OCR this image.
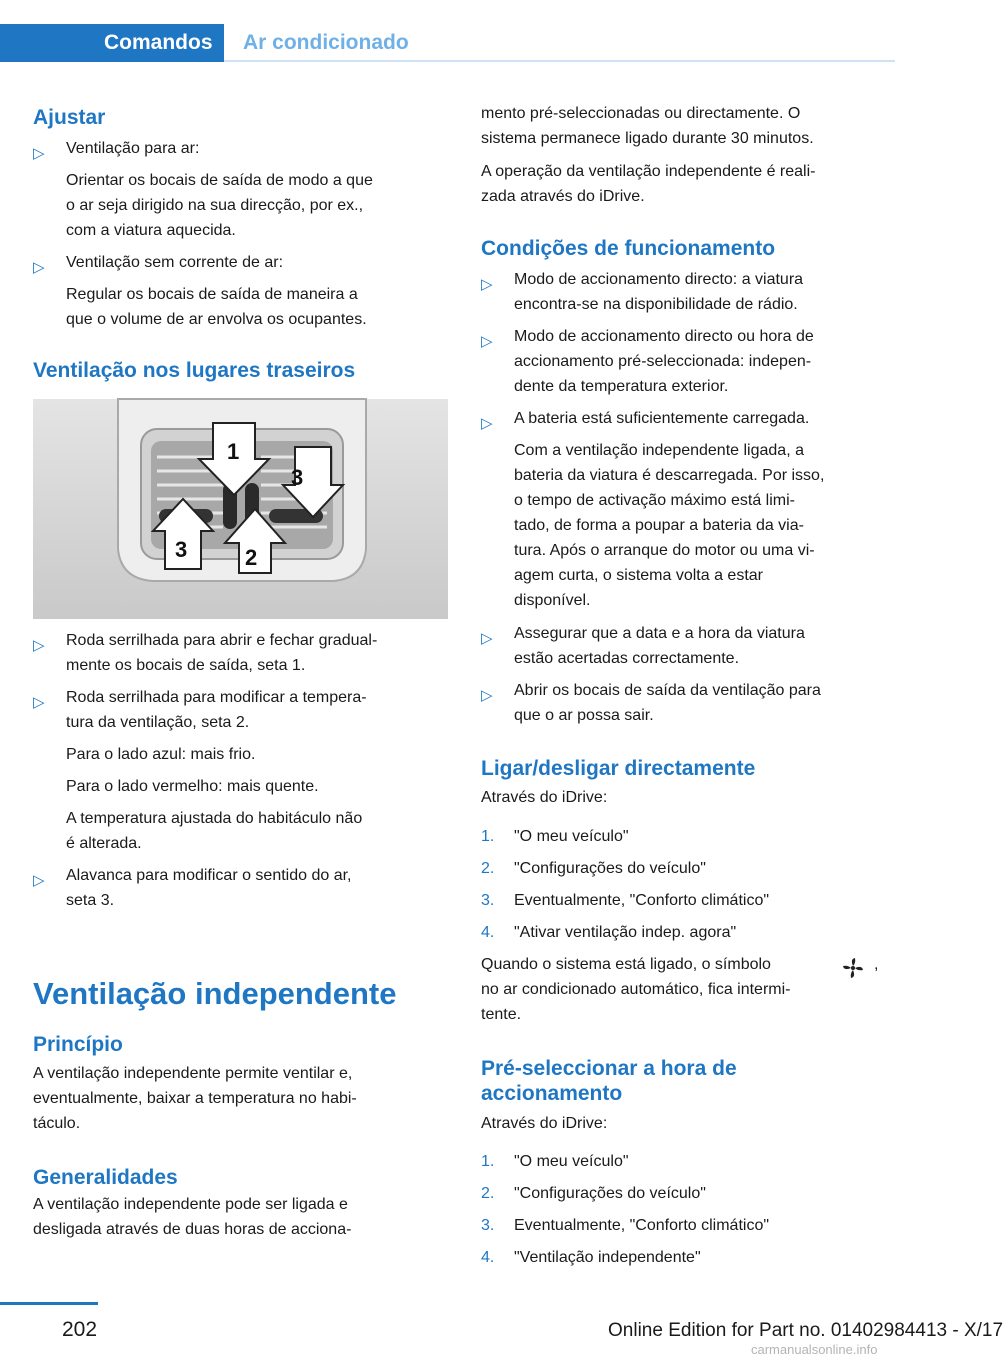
Comandos Ar condicionado
Ajustar
▷ Ventilação para ar:
Orientar os bocais de saída de modo a que
o ar seja dirigido na sua direcção, por ex.,
com a viatura aquecida.
▷ Ventilação sem corrente de ar:
Regular os bocais de saída de maneira a
que o volume de ar envolva os ocupantes.
Ventilação nos lugares traseiros
1
2
3
3
▷ Roda serrilhada para abrir e fechar gradual-
mente os bocais de saída, seta 1.
▷ Roda serrilhada para modificar a tempera-
tura da ventilação, seta 2.
Para o lado azul: mais frio.
Para o lado vermelho: mais quente.
A temperatura ajustada do habitáculo não
é alterada.
▷ Alavanca para modificar o sentido do ar,
seta 3.
Ventilação independente
Princípio
A ventilação independente permite ventilar e,
eventualmente, baixar a temperatura no habi-
táculo.
Generalidades
A ventilação independente pode ser ligada e
desligada através de duas horas de acciona-
mento pré-seleccionadas ou directamente. O
sistema permanece ligado durante 30 minutos.
A operação da ventilação independente é reali-
zada através do iDrive.
Condições de funcionamento
▷ Modo de accionamento directo: a viatura
encontra-se na disponibilidade de rádio.
▷ Modo de accionamento directo ou hora de
accionamento pré-seleccionada: indepen-
dente da temperatura exterior.
▷ A bateria está suficientemente carregada.
Com a ventilação independente ligada, a
bateria da viatura é descarregada. Por isso,
o tempo de activação máximo está limi-
tado, de forma a poupar a bateria da via-
tura. Após o arranque do motor ou uma vi-
agem curta, o sistema volta a estar
disponível.
▷ Assegurar que a data e a hora da viatura
estão acertadas correctamente.
▷ Abrir os bocais de saída da ventilação para
que o ar possa sair.
Ligar/desligar directamente
Através do iDrive:
1. "O meu veículo"
2. "Configurações do veículo"
3. Eventualmente, "Conforto climático"
4. "Ativar ventilação indep. agora"
Quando o sistema está ligado, o símbolo	,
no ar condicionado automático, fica intermi-
tente.
Pré-seleccionar a hora de
accionamento
Através do iDrive:
1. "O meu veículo"
2. "Configurações do veículo"
3. Eventualmente, "Conforto climático"
4. "Ventilação independente"
202	Online Edition for Part no. 01402984413 - X/17
carmanualsonline.info
